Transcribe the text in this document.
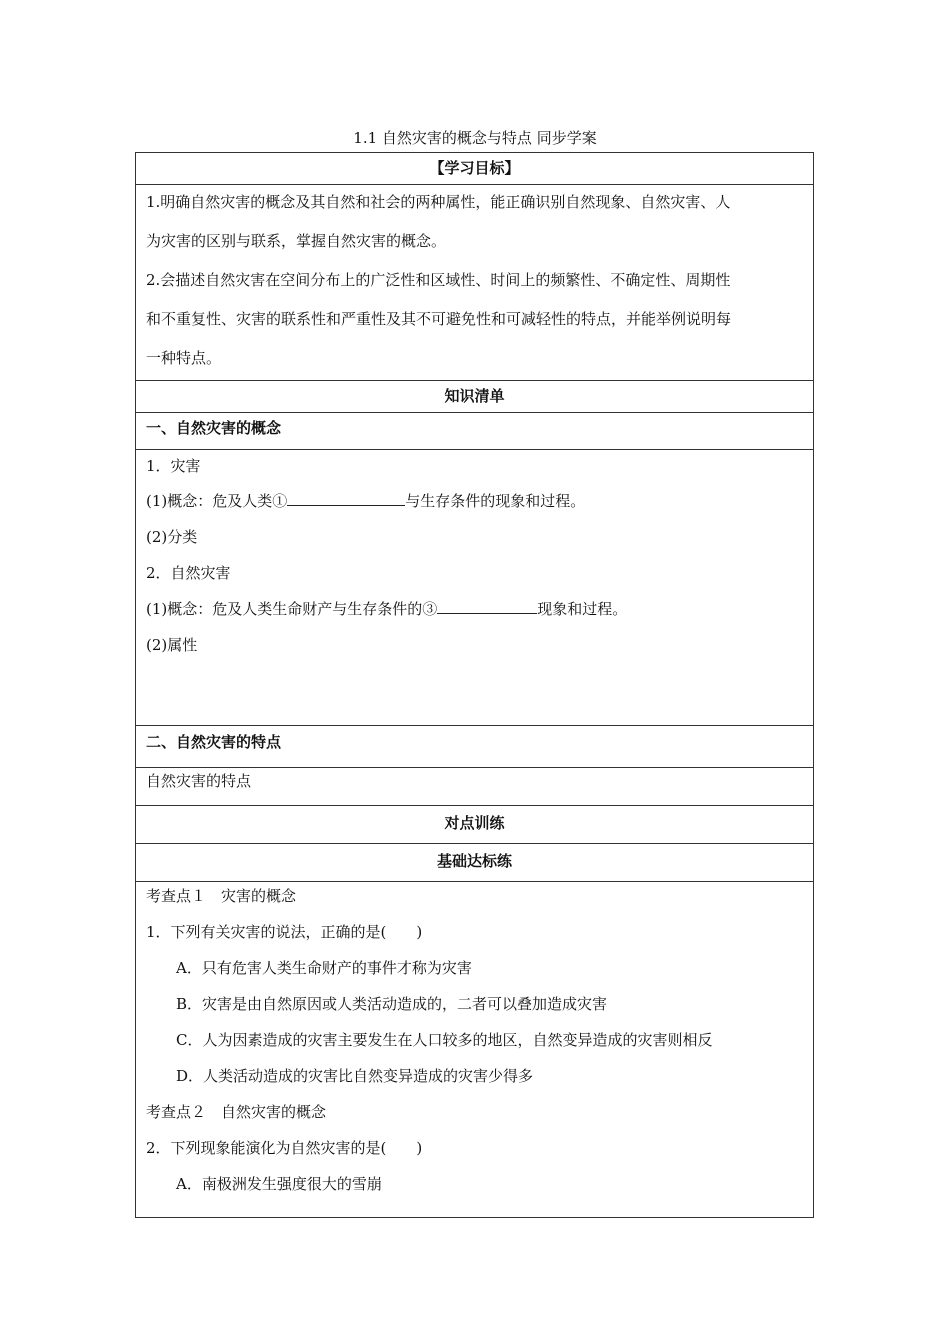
1.1 自然灾害的概念与特点 同步学案
【学习目标】
1.明确自然灾害的概念及其自然和社会的两种属性，能正确识别自然现象、自然灾害、人
为灾害的区别与联系，掌握自然灾害的概念。
2.会描述自然灾害在空间分布上的广泛性和区域性、时间上的频繁性、不确定性、周期性
和不重复性、灾害的联系性和严重性及其不可避免性和可减轻性的特点，并能举例说明每
一种特点。
知识清单
一、自然灾害的概念
1．灾害
(1)概念：危及人类①	与生存条件的现象和过程。
(2)分类
2．自然灾害
(1)概念：危及人类生命财产与生存条件的③	现象和过程。
(2)属性
二、自然灾害的特点
自然灾害的特点
对点训练
基础达标练
考查点１　灾害的概念
1．下列有关灾害的说法，正确的是(　　)
A．只有危害人类生命财产的事件才称为灾害
B．灾害是由自然原因或人类活动造成的，二者可以叠加造成灾害
C．人为因素造成的灾害主要发生在人口较多的地区，自然变异造成的灾害则相反
D．人类活动造成的灾害比自然变异造成的灾害少得多
考查点２　自然灾害的概念
2．下列现象能演化为自然灾害的是(　　)
A．南极洲发生强度很大的雪崩
